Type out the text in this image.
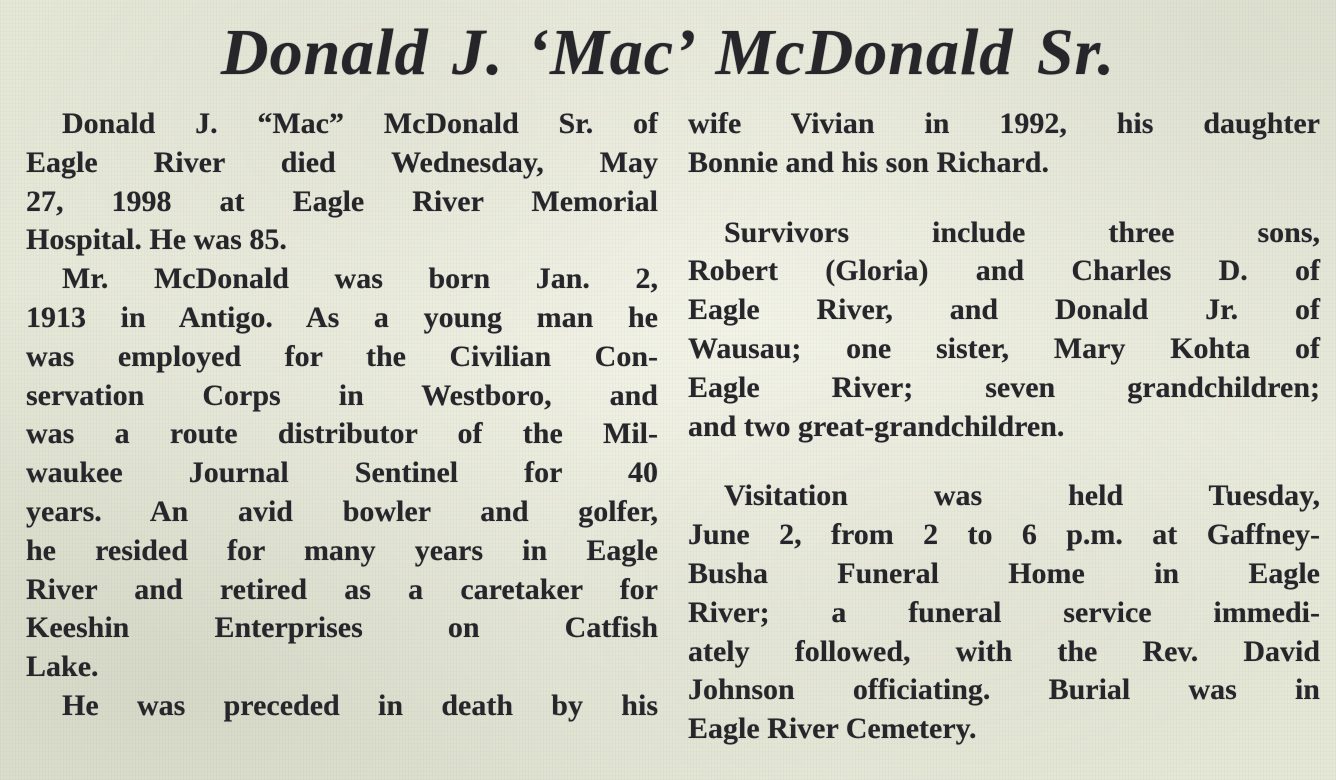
Donald J. ‘Mac’ McDonald Sr.
Donald J. “Mac” McDonald Sr. of
Eagle River died Wednesday, May
27, 1998 at Eagle River Memorial
Hospital. He was 85.
Mr. McDonald was born Jan. 2,
1913 in Antigo. As a young man he
was employed for the Civilian Con-
servation Corps in Westboro, and
was a route distributor of the Mil-
waukee Journal Sentinel for 40
years. An avid bowler and golfer,
he resided for many years in Eagle
River and retired as a caretaker for
Keeshin Enterprises on Catfish
Lake.
He was preceded in death by his
wife Vivian in 1992, his daughter
Bonnie and his son Richard.
Survivors include three sons,
Robert (Gloria) and Charles D. of
Eagle River, and Donald Jr. of
Wausau; one sister, Mary Kohta of
Eagle River; seven grandchildren;
and two great-grandchildren.
Visitation was held Tuesday,
June 2, from 2 to 6 p.m. at Gaffney-
Busha Funeral Home in Eagle
River; a funeral service immedi-
ately followed, with the Rev. David
Johnson officiating. Burial was in
Eagle River Cemetery.
